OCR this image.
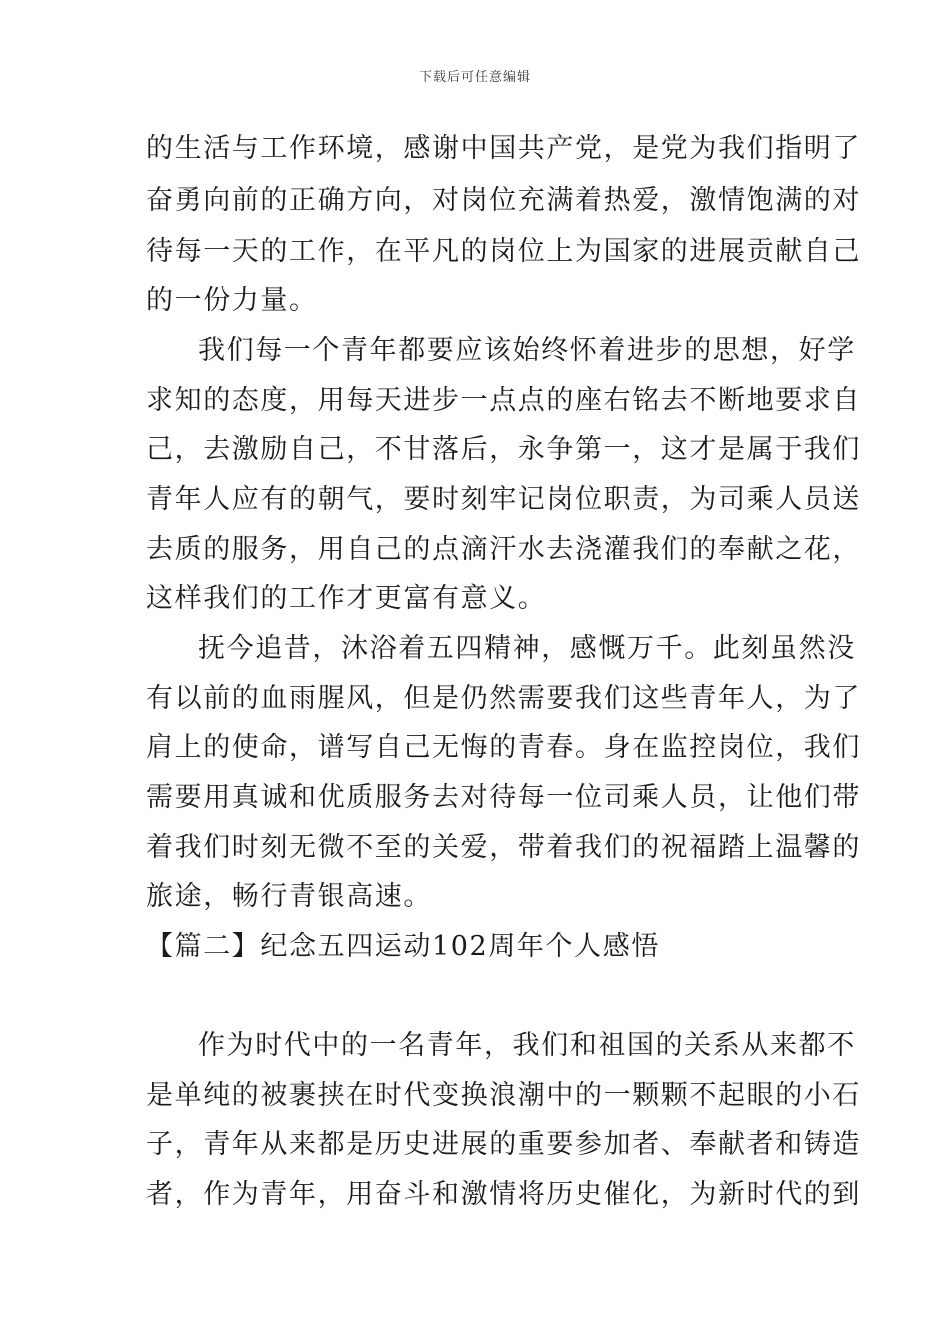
下载后可任意编辑
的生活与工作环境，感谢中国共产党，是党为我们指明了
奋勇向前的正确方向，对岗位充满着热爱，激情饱满的对
待每一天的工作，在平凡的岗位上为国家的进展贡献自己
的一份力量。
我们每一个青年都要应该始终怀着进步的思想，好学
求知的态度，用每天进步一点点的座右铭去不断地要求自
己，去激励自己，不甘落后，永争第一，这才是属于我们
青年人应有的朝气，要时刻牢记岗位职责，为司乘人员送
去质的服务，用自己的点滴汗水去浇灌我们的奉献之花，
这样我们的工作才更富有意义。
抚今追昔，沐浴着五四精神，感慨万千。此刻虽然没
有以前的血雨腥风，但是仍然需要我们这些青年人，为了
肩上的使命，谱写自己无悔的青春。身在监控岗位，我们
需要用真诚和优质服务去对待每一位司乘人员，让他们带
着我们时刻无微不至的关爱，带着我们的祝福踏上温馨的
旅途，畅行青银高速。
【篇二】纪念五四运动102周年个人感悟
作为时代中的一名青年，我们和祖国的关系从来都不
是单纯的被裹挟在时代变换浪潮中的一颗颗不起眼的小石
子，青年从来都是历史进展的重要参加者、奉献者和铸造
者，作为青年，用奋斗和激情将历史催化，为新时代的到
